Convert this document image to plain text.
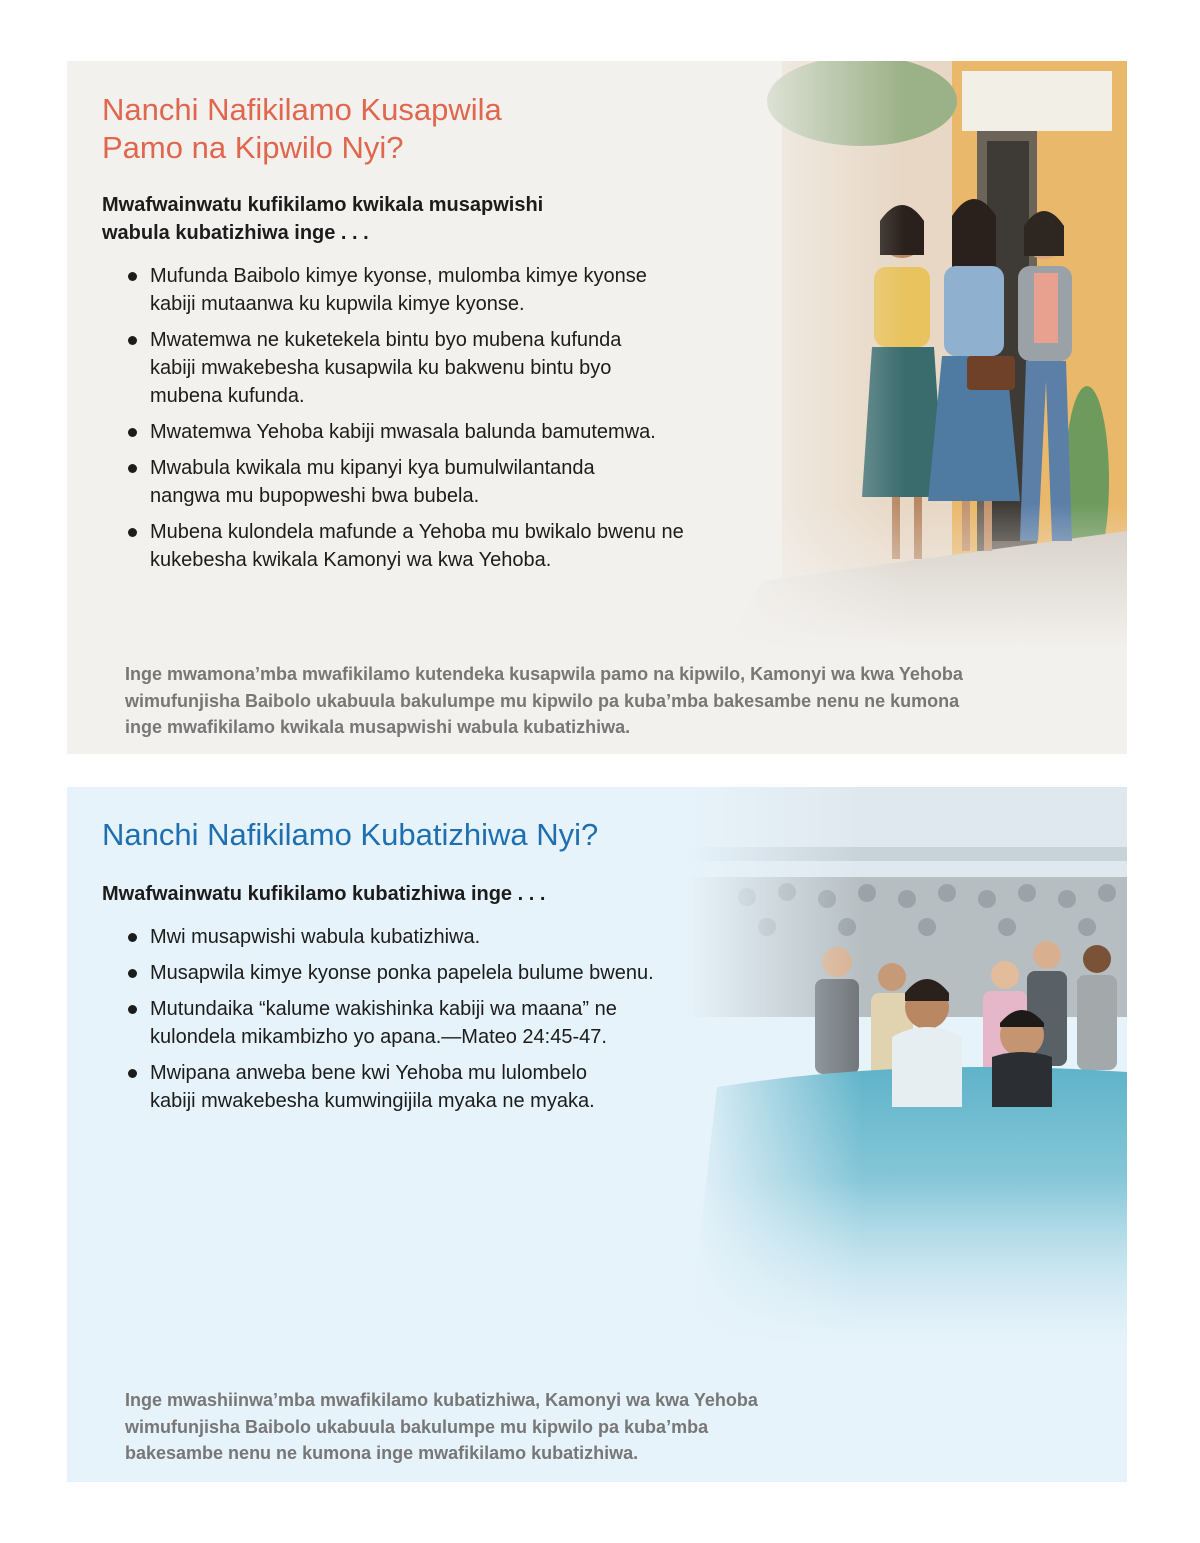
Nanchi Nafikilamo Kusapwila
Pamo na Kipwilo Nyi?

Mwafwainwatu kufikilamo kwikala musapwishi
wabula kubatizhiwa inge . . .

Mufunda Baibolo kimye kyonse, mulomba kimye kyonse
kabiji mutaanwa ku kupwila kimye kyonse.
Mwatemwa ne kuketekela bintu byo mubena kufunda
kabiji mwakebesha kusapwila ku bakwenu bintu byo
mubena kufunda.
Mwatemwa Yehoba kabiji mwasala balunda bamutemwa.
Mwabula kwikala mu kipanyi kya bumulwilantanda
nangwa mu bupopweshi bwa bubela.
Mubena kulondela mafunde a Yehoba mu bwikalo bwenu ne
kukebesha kwikala Kamonyi wa kwa Yehoba.

Inge mwamona’mba mwafikilamo kutendeka kusapwila pamo na kipwilo, Kamonyi wa kwa Yehoba
wimufunjisha Baibolo ukabuula bakulumpe mu kipwilo pa kuba’mba bakesambe nenu ne kumona
inge mwafikilamo kwikala musapwishi wabula kubatizhiwa.

Nanchi Nafikilamo Kubatizhiwa Nyi?

Mwafwainwatu kufikilamo kubatizhiwa inge . . .

Mwi musapwishi wabula kubatizhiwa.
Musapwila kimye kyonse ponka papelela bulume bwenu.
Mutundaika “kalume wakishinka kabiji wa maana” ne
kulondela mikambizho yo apana.—Mateo 24:45-47.
Mwipana anweba bene kwi Yehoba mu lulombelo
kabiji mwakebesha kumwingijila myaka ne myaka.

Inge mwashiinwa’mba mwafikilamo kubatizhiwa, Kamonyi wa kwa Yehoba
wimufunjisha Baibolo ukabuula bakulumpe mu kipwilo pa kuba’mba
bakesambe nenu ne kumona inge mwafikilamo kubatizhiwa.
